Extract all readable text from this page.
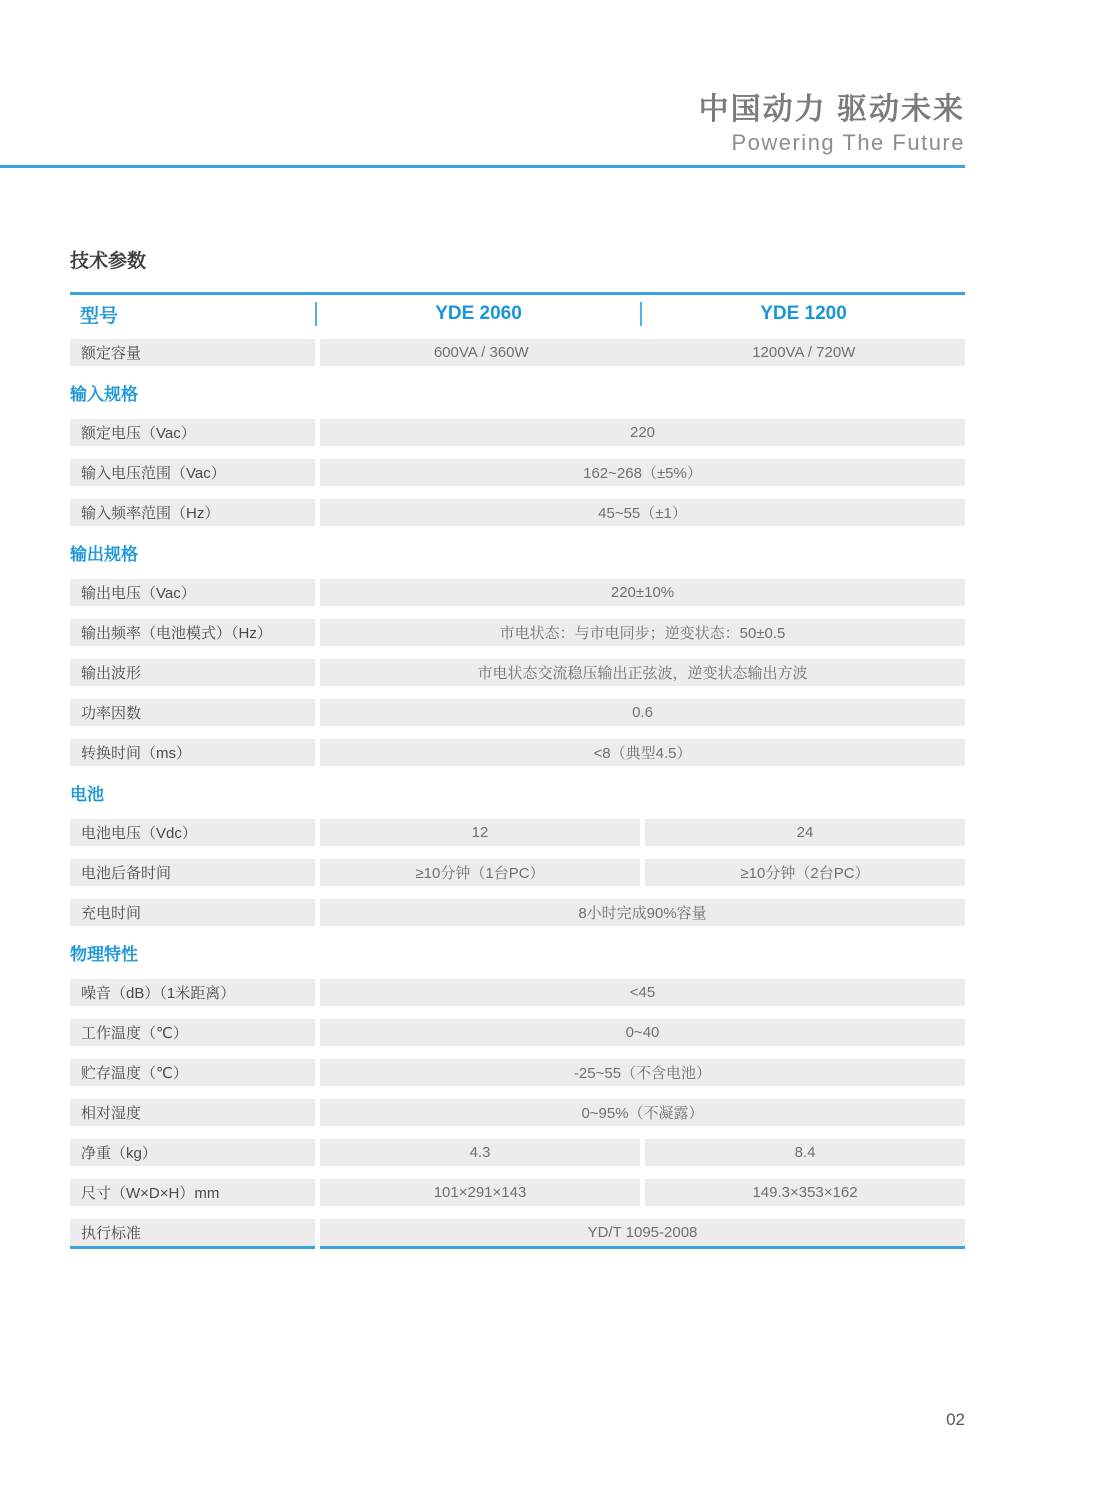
中国动力 驱动未来
Powering The Future
技术参数
型号	YDE 2060	YDE 1200
额定容量	600VA / 360W	1200VA / 720W
输入规格
额定电压（Vac）	220
输入电压范围（Vac）	162~268（±5%）
输入频率范围（Hz）	45~55（±1）
输出规格
输出电压（Vac）	220±10%
输出频率（电池模式）（Hz）	市电状态：与市电同步；逆变状态：50±0.5
输出波形	市电状态交流稳压输出正弦波，逆变状态输出方波
功率因数	0.6
转换时间（ms）	<8（典型4.5）
电池
电池电压（Vdc）	12	24
电池后备时间	≥10分钟（1台PC）	≥10分钟（2台PC）
充电时间	8小时完成90%容量
物理特性
噪音（dB）（1米距离）	<45
工作温度（℃）	0~40
贮存温度（℃）	-25~55（不含电池）
相对湿度	0~95%（不凝露）
净重（kg）	4.3	8.4
尺寸（W×D×H）mm	101×291×143	149.3×353×162
执行标准	YD/T 1095-2008
02
